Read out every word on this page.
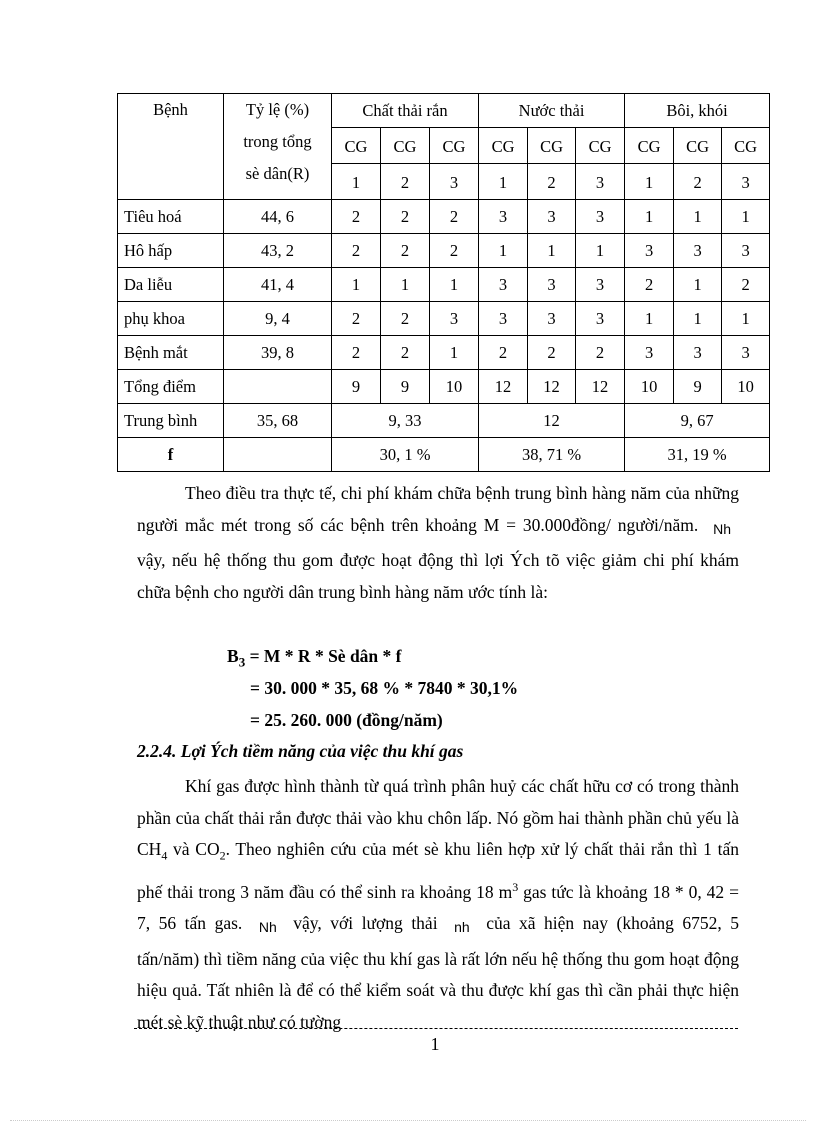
Bệnh	Tỷ lệ (%)
trong tổng
sè dân(R)	Chất thải rắn			Nước thải			Bôi, khói		
		CG	CG	CG	CG	CG	CG	CG	CG	CG
		1	2	3	1	2	3	1	2	3
Tiêu hoá	44, 6	2	2	2	3	3	3	1	1	1
Hô hấp	43, 2	2	2	2	1	1	1	3	3	3
Da liễu	41, 4	1	1	1	3	3	3	2	1	2
phụ khoa	9, 4	2	2	3	3	3	3	1	1	1
Bệnh mắt	39, 8	2	2	1	2	2	2	3	3	3
Tổng điểm		9	9	10	12	12	12	10	9	10
Trung bình	35, 68	9, 33			12			9, 67		
f		30, 1 %			38, 71 %			31, 19 %		
Theo điều tra thực tế, chi phí khám chữa bệnh trung bình hàng năm của những người mắc mét trong số các bệnh trên khoảng M = 30.000đồng/ người/năm. Nh vậy, nếu hệ thống thu gom được hoạt động thì lợi Ých tõ việc giảm chi phí khám chữa bệnh cho người dân trung bình hàng năm ước tính là:
$B_3 = M * R$ * Sè dân * f
= 30. 000 * 35, 68 % * 7840 * 30,1%
= 25. 260. 000 (đồng/năm)
2.2.4. Lợi Ých tiềm năng của việc thu khí gas
Khí gas được hình thành từ quá trình phân huỷ các chất hữu cơ có trong thành phần của chất thải rắn được thải vào khu chôn lấp. Nó gồm hai thành phần chủ yếu là $CH_4$ và $CO_2$. Theo nghiên cứu của mét sè khu liên hợp xử lý chất thải rắn thì 1 tấn phế thải trong 3 năm đầu có thể sinh ra khoảng 18 $m^3$ gas tức là khoảng 18 * 0, 42 = 7, 56 tấn gas. Nh vậy, với lượng thải nh của xã hiện nay (khoảng 6752, 5 tấn/năm) thì tiềm năng của việc thu khí gas là rất lớn nếu hệ thống thu gom hoạt động hiệu quả. Tất nhiên là để có thể kiểm soát và thu được khí gas thì cần phải thực hiện mét sè kỹ thuật như có tường
1
